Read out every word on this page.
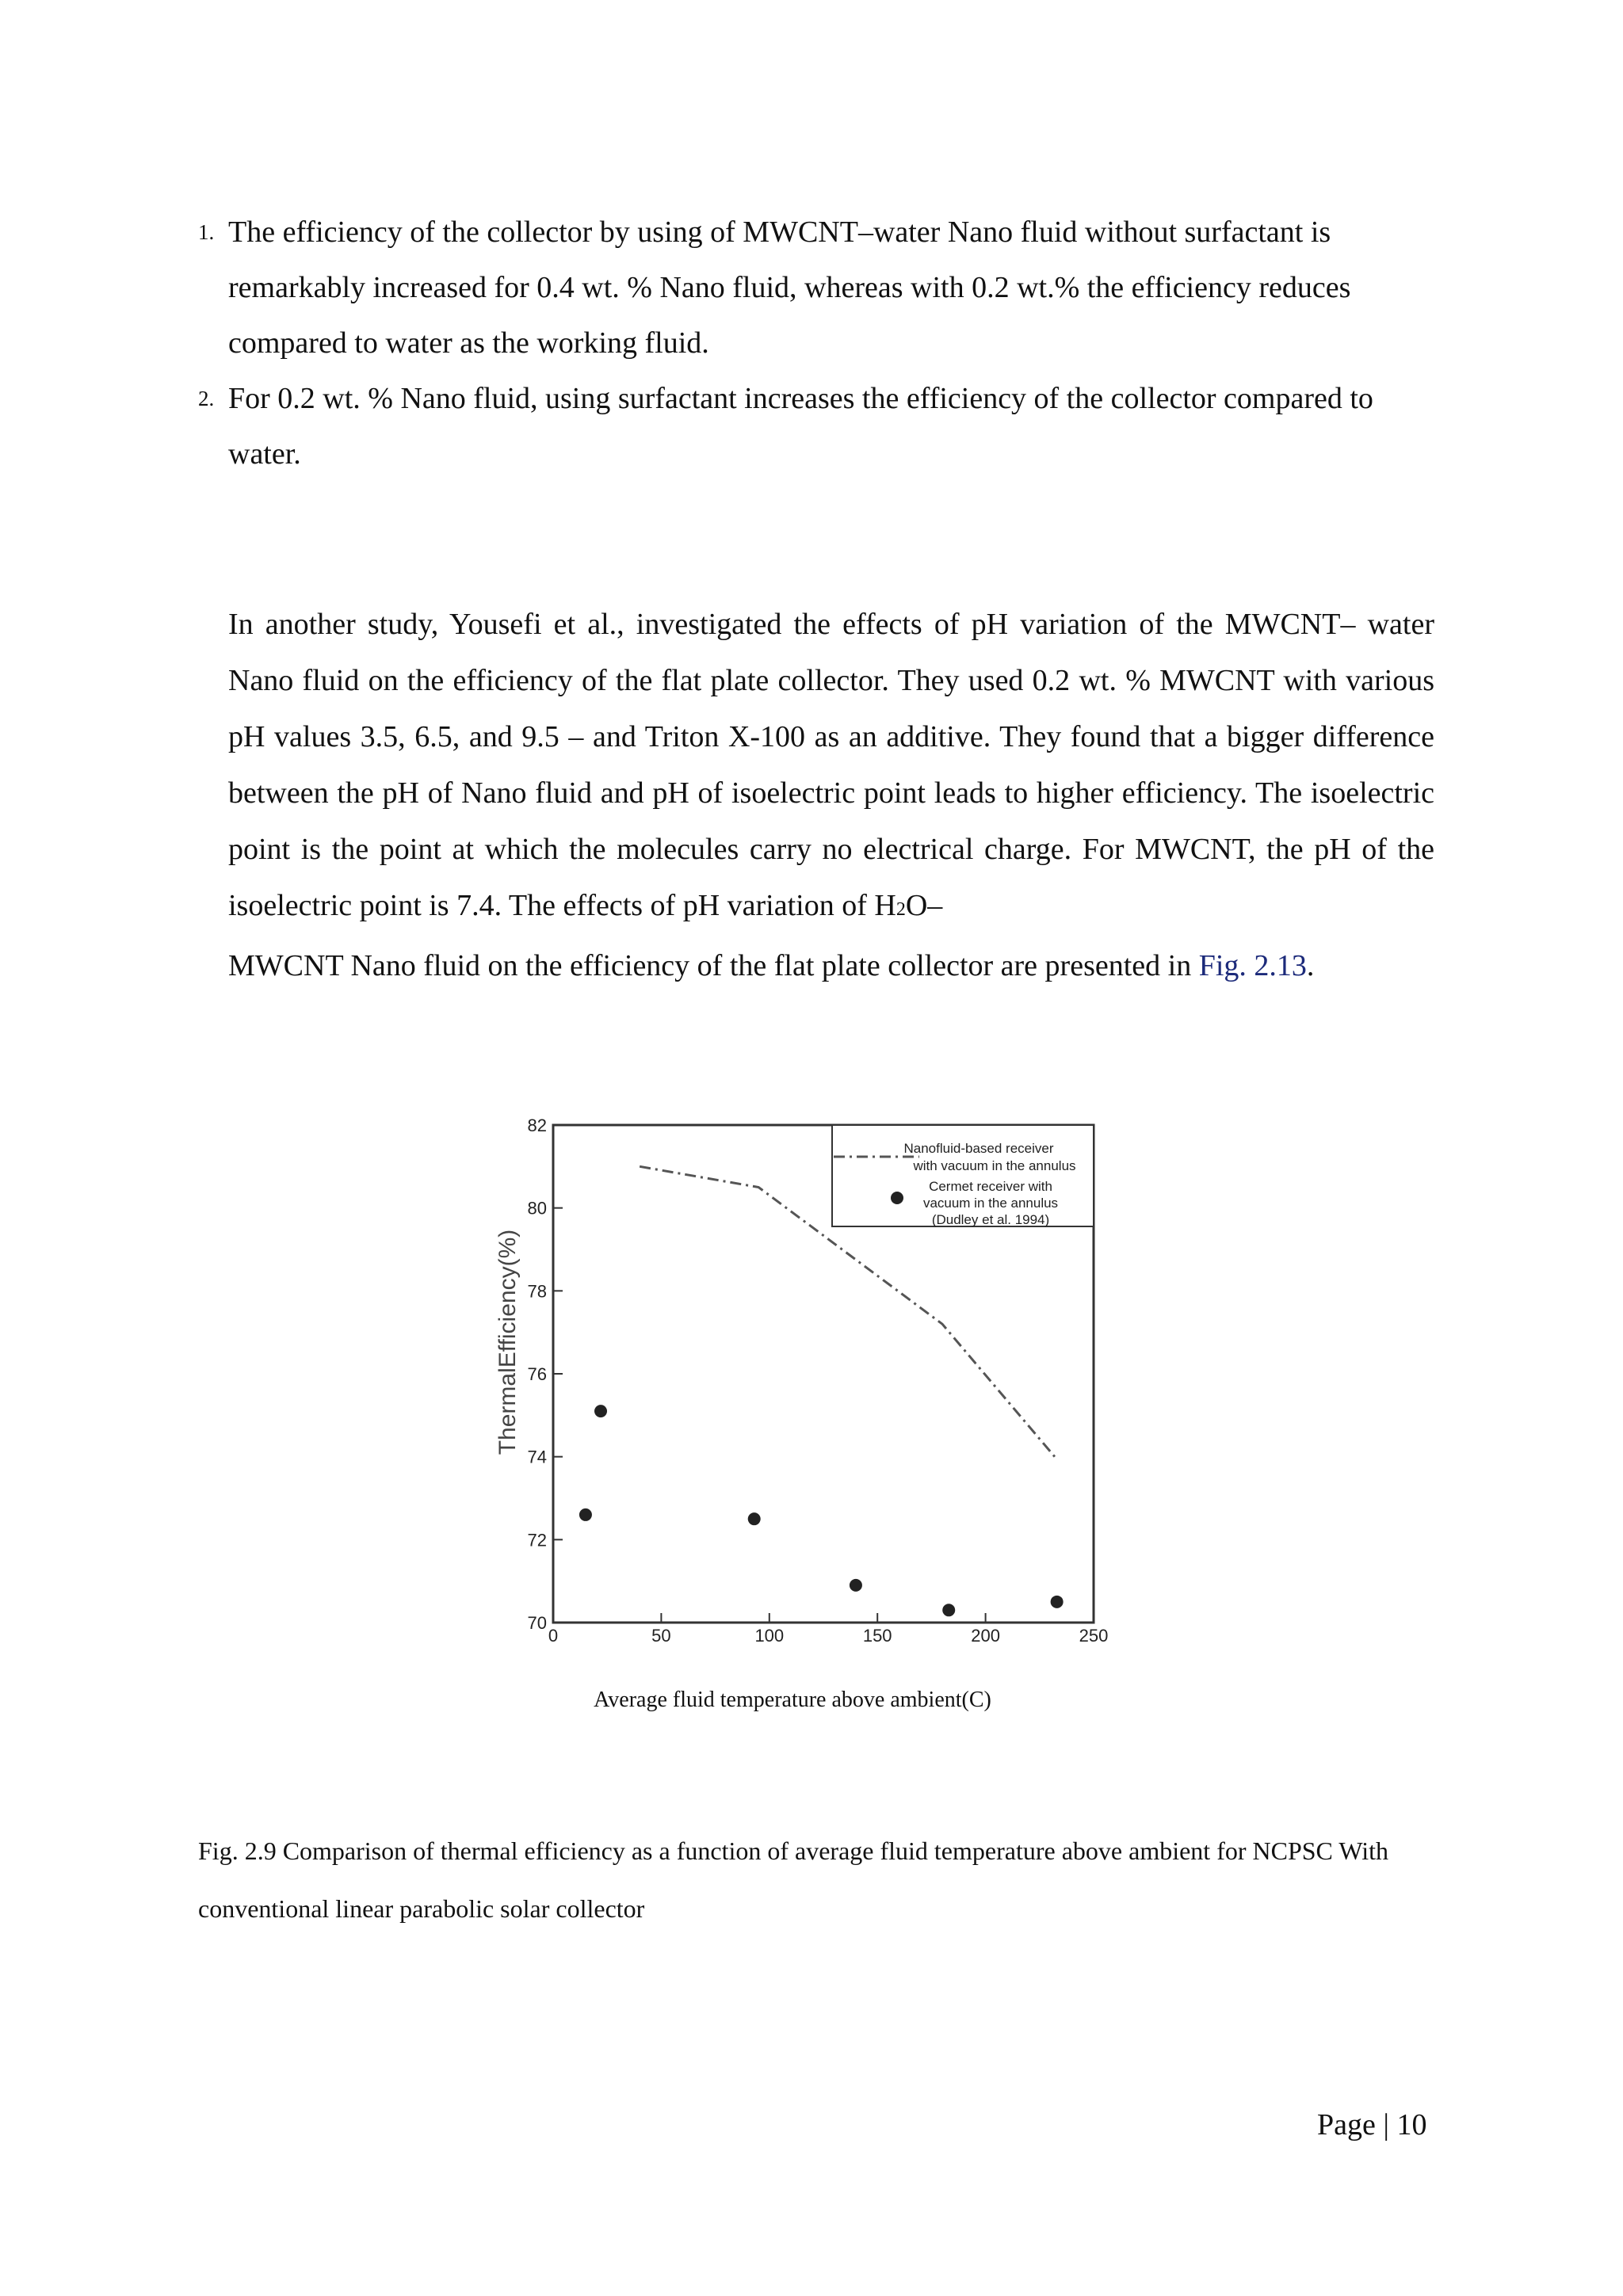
1. The efficiency of the collector by using of MWCNT–water Nano fluid without surfactant is remarkably increased for 0.4 wt. % Nano fluid, whereas with 0.2 wt.% the efficiency reduces compared to water as the working fluid.
2. For 0.2 wt. % Nano fluid, using surfactant increases the efficiency of the collector compared to water.

In another study, Yousefi et al., investigated the effects of pH variation of the MWCNT– water Nano fluid on the efficiency of the flat plate collector. They used 0.2 wt. % MWCNT with various pH values 3.5, 6.5, and 9.5 – and Triton X-100 as an additive. They found that a bigger difference between the pH of Nano fluid and pH of isoelectric point leads to higher efficiency. The isoelectric point is the point at which the molecules carry no electrical charge. For MWCNT, the pH of the isoelectric point is 7.4. The effects of pH variation of H2O–
MWCNT Nano fluid on the efficiency of the flat plate collector are presented in Fig. 2.13.

70
72
74
76
78
80
82
0	50	100	150	200	250
ThermalEfficiency(%)
Nanofluid-based receiver
with vacuum in the annulus
Cermet receiver with
vacuum in the annulus
(Dudley et al. 1994)
Average fluid temperature above ambient(C)
Fig. 2.9 Comparison of thermal efficiency as a function of average fluid temperature above ambient for NCPSC With conventional linear parabolic solar collector
Page | 10
